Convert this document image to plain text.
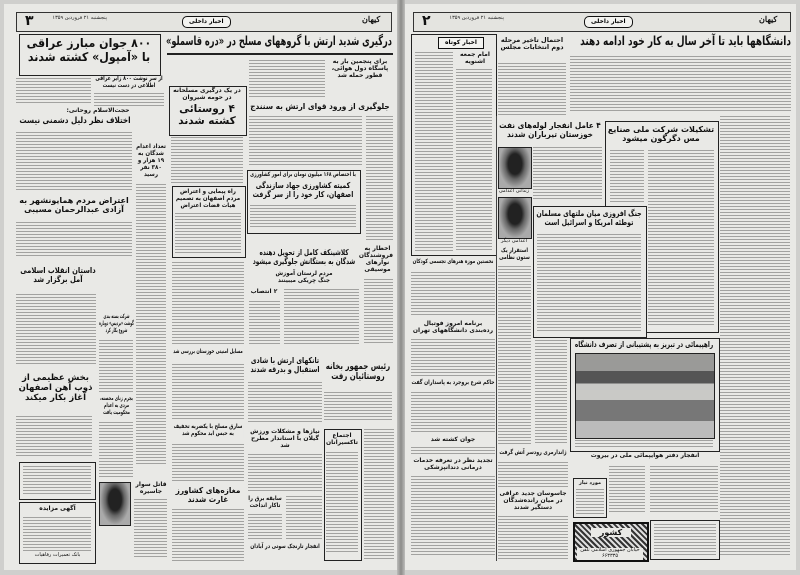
۳	پنجشنبه ۲۱ فروردین ۱۳۵۹	اخبار داخلی	کیهان
درگیری شدید ارتش با گروههای مسلح در «دره قاسملو»
۸۰۰ جوان مبارز عراقی با «آمپول» کشته شدند
از سر نوشت ۸۰۰ زایر عراقی اطلاعی در دست نیست
حجت‌الاسلام روحانی:
اختلاف نظر دلیل دشمنی نیست
تعداد اعدام شدگان به ۱۹ هزار و ۳۸۰ نفر رسید
اعتراض مردم همایونشهر به آزادی عبدالرحمان مسیبی
داستان انقلاب اسلامی آمل برگزار شد
شرکت بسته بندی گوشت «بردیس» دوباره شروع بکار کرد
بخش عظیمی از ذوب آهن اصفهان آغاز بکار میکند	بجرم زنای محصنه، مردی به اعدام محکومیت یافت
آگهی مزایده
بانک تعمیرات رفاهیات
قاتل سوار جاسیره
در یک درگیری مسلحانه در حومه شیروان
۴ روستائی کشته شدند
راه پیمایی و اعتراض مردم اصفهان به تصمیم هیات قضات اعتراض
مسایل امنیتی خوزستان بررسی شد
سارق مسلح با یکضربه تخفیف به حبس ابد محکوم شد
مغازه‌های کشاورز غارت شدند
برای پنجمین بار به پاسگاه دول هوائی، قطور حمله شد
جلوگیری از ورود قوای ارتش به سنندج
با اختصاص ۱۶۸ میلیون تومان برای امور کشاورزی
کمیته کشاورزی جهاد سازندگی اصفهان، کار خود را از سر گرفت
کلاشینکف کامل از تحویل دهنده شدگان به بستگانش جلوگیری میشود
مردم لرستان آموزش جنگ چریکی میبینند
۲ انتصاب
اخطار به فروشندگان نوارهای موسیقی
تانکهای ارتش با شادی استقبال و بدرقه شدند رئیس جمهور بخانه روستائیان رفت
نیازها و مشکلات ورزش گیلان با استاندار مطرح شد
سابقه برق را تاکار انداخت
انفجار تارنجک سوتی در آبادان
اجتماع تاکسیرانان
۲	پنجشنبه ۲۱ فروردین ۱۳۵۹	اخبار داخلی	کیهان
دانشگاهها باید تا آخر سال به کار خود ادامه دهند
اخبار کوتاه
امام جمعه اشنویه
احتمال تاخیر مرحله دوم انتخابات مجلس
۴ عامل انفجار لوله‌های نفت خوزستان تیرباران شدند
زندانی اعدامی
اعدامی دیگر
تشکیلات شرکت ملی صنایع مس دگرگون میشود
جنگ افروزی میان ملتهای مسلمان توطئه امریکا و اسرائیل است
استقرار یک ستون نظامی
نخستین موزه هنرهای تجسمی کودکان
برنامه امروز فوتبال رده‌بندی دانشگاههای تهران
حاکم شرع بروجرد به پاسداران گفت
جوان کشته شد
تجدید نظر در تعرفه خدمات درمانی دندانپزشکی
راهپیمائی در تبریز به پشتیبانی از تصرف دانشگاه
ژاندارمری رودسر آتش گرفت
جاسوسان جدید عراقی در میان رانده‌شدگان دستگیر شدند
انفجار دفتر هوایپمائی ملی در بیروت
مورد نیاز
کشور
خیابان جمهوری اسلامی تلفن ۶۶۳۳۳۵
